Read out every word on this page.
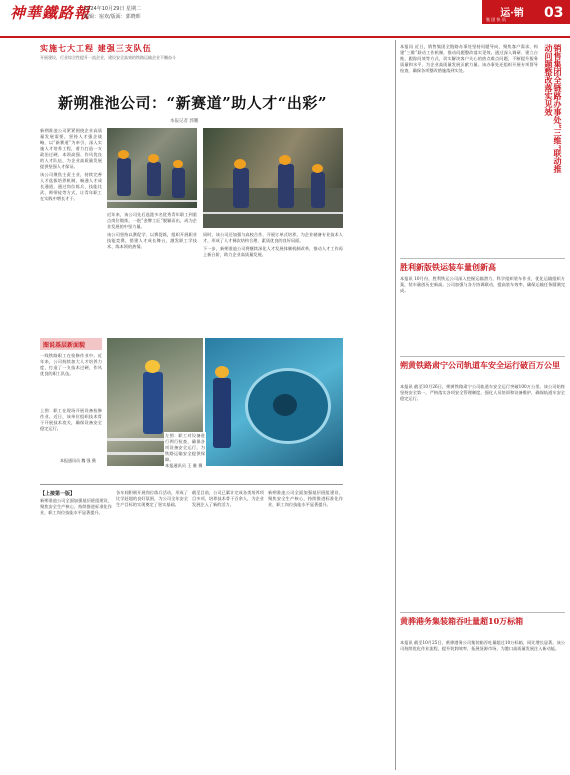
神華鐵路報
2024年10月29日 星期二
编辑：宿欢/版面：郭晓晖	运·销
集 团 快 讯	03
实施七大工程 建强三支队伍
开展建设，行业综合性提升一流企业，建设安全高效的铁路运输企业不懈奋斗
新朔准池公司：“新赛道”助人才“出彩”
本报记者 郭鹏

新朔准池公司紧紧围绕企业高质量发展需要，坚持人才强企战略，以“新赛道”为牵引，深入实施人才培养工程，着力打造一支政治过硬、本领高强、作风优良的人才队伍，为企业高质量发展提供坚强人才保证。

该公司聚焦主责主业，持续完善人才选拔培养机制，畅通人才成长通道，通过岗位练兵、技能比武、师带徒等方式，让青年职工在实践中增长才干。

近年来，该公司先后选派多名优秀青年职工到重点岗位锻炼，一批“金牌工匠”脱颖而出，成为企业发展的中坚力量。

该公司坚持以赛促学、以赛促练，组织开展职业技能竞赛，搭建人才成长舞台，激发职工学技术、练本领的热情。

同时，该公司还加强与高校合作，开展订单式培养，为企业储备专业技术人才，形成了人才梯次结构合理、素质优良的良好局面。

下一步，新朔准池公司将继续深化人才发展体制机制改革，推动人才工作再上新台阶，助力企业高质量发展。

图说基层新面貌
一线铁路职工在检修作业中。近年来，公司持续加大人才培养力度，打造了一支技术过硬、作风优良的职工队伍。
上图：职工在现场开展设备检修作业。近日，该单位组织技术骨干开展技术攻关，确保设备安全稳定运行。
本报通讯员 魏 强 摄
左图：职工对设备进行例行检查，确保各项设备安全运行，为铁路运输安全提供保障。
本报通讯员 王 雅 摄
【上接第一版】
新朔准池公司全面加强基层班组建设，聚焦安全生产核心，持续推进标准化作业，职工岗位技能水平显著提升。
各车间积极开展岗位练兵活动，形成了比学赶超的良好氛围，为公司全年安全生产目标的实现奠定了坚实基础。
截至目前，公司已累计完成各类培养项目多项，培养技术骨干百余人，为企业发展注入了新的活力。
新朔准池公司全面加强基层班组建设，聚焦安全生产核心，持续推进标准化作业，职工岗位技能水平显著提升。
销售集团全链路办事处“三维”联动推动问题整改落实见效
本报讯 近日，销售集团全链路办事处坚持问题导向，聚焦客户需求，构建“三维”联动工作机制，推动问题整改落实见效。通过深入调研、建立台账、跟踪问效等方式，切实解决客户关心的热点难点问题，不断提升服务质量和水平，为企业高质量发展贡献力量。该办事处还组织开展专项督导检查，确保各项整改措施落到实处。
胜利新版铁运装车量创新高
本报讯 10月份，胜利铁运公司深入挖掘运输潜力，科学组织装车作业，优化运输组织方案，装车量创历史新高。公司加强与各方协调联动，提高装车效率，确保运输任务圆满完成。
朔黄铁路肃宁公司轨道车安全运行破百万公里
本报讯 截至10月26日，朔黄铁路肃宁公司轨道车安全运行突破100万公里。该公司始终坚持安全第一，严格落实各项安全管理制度，强化人员培训和设备维护，确保轨道车安全稳定运行。
黄骅港务集装箱吞吐量超10万标箱
本报讯 截至10月25日，黄骅港务公司集装箱吞吐量超过10万标箱，同比增长显著。该公司持续优化作业流程，提升装卸效率，拓展货源市场，为港口高质量发展注入新动能。
